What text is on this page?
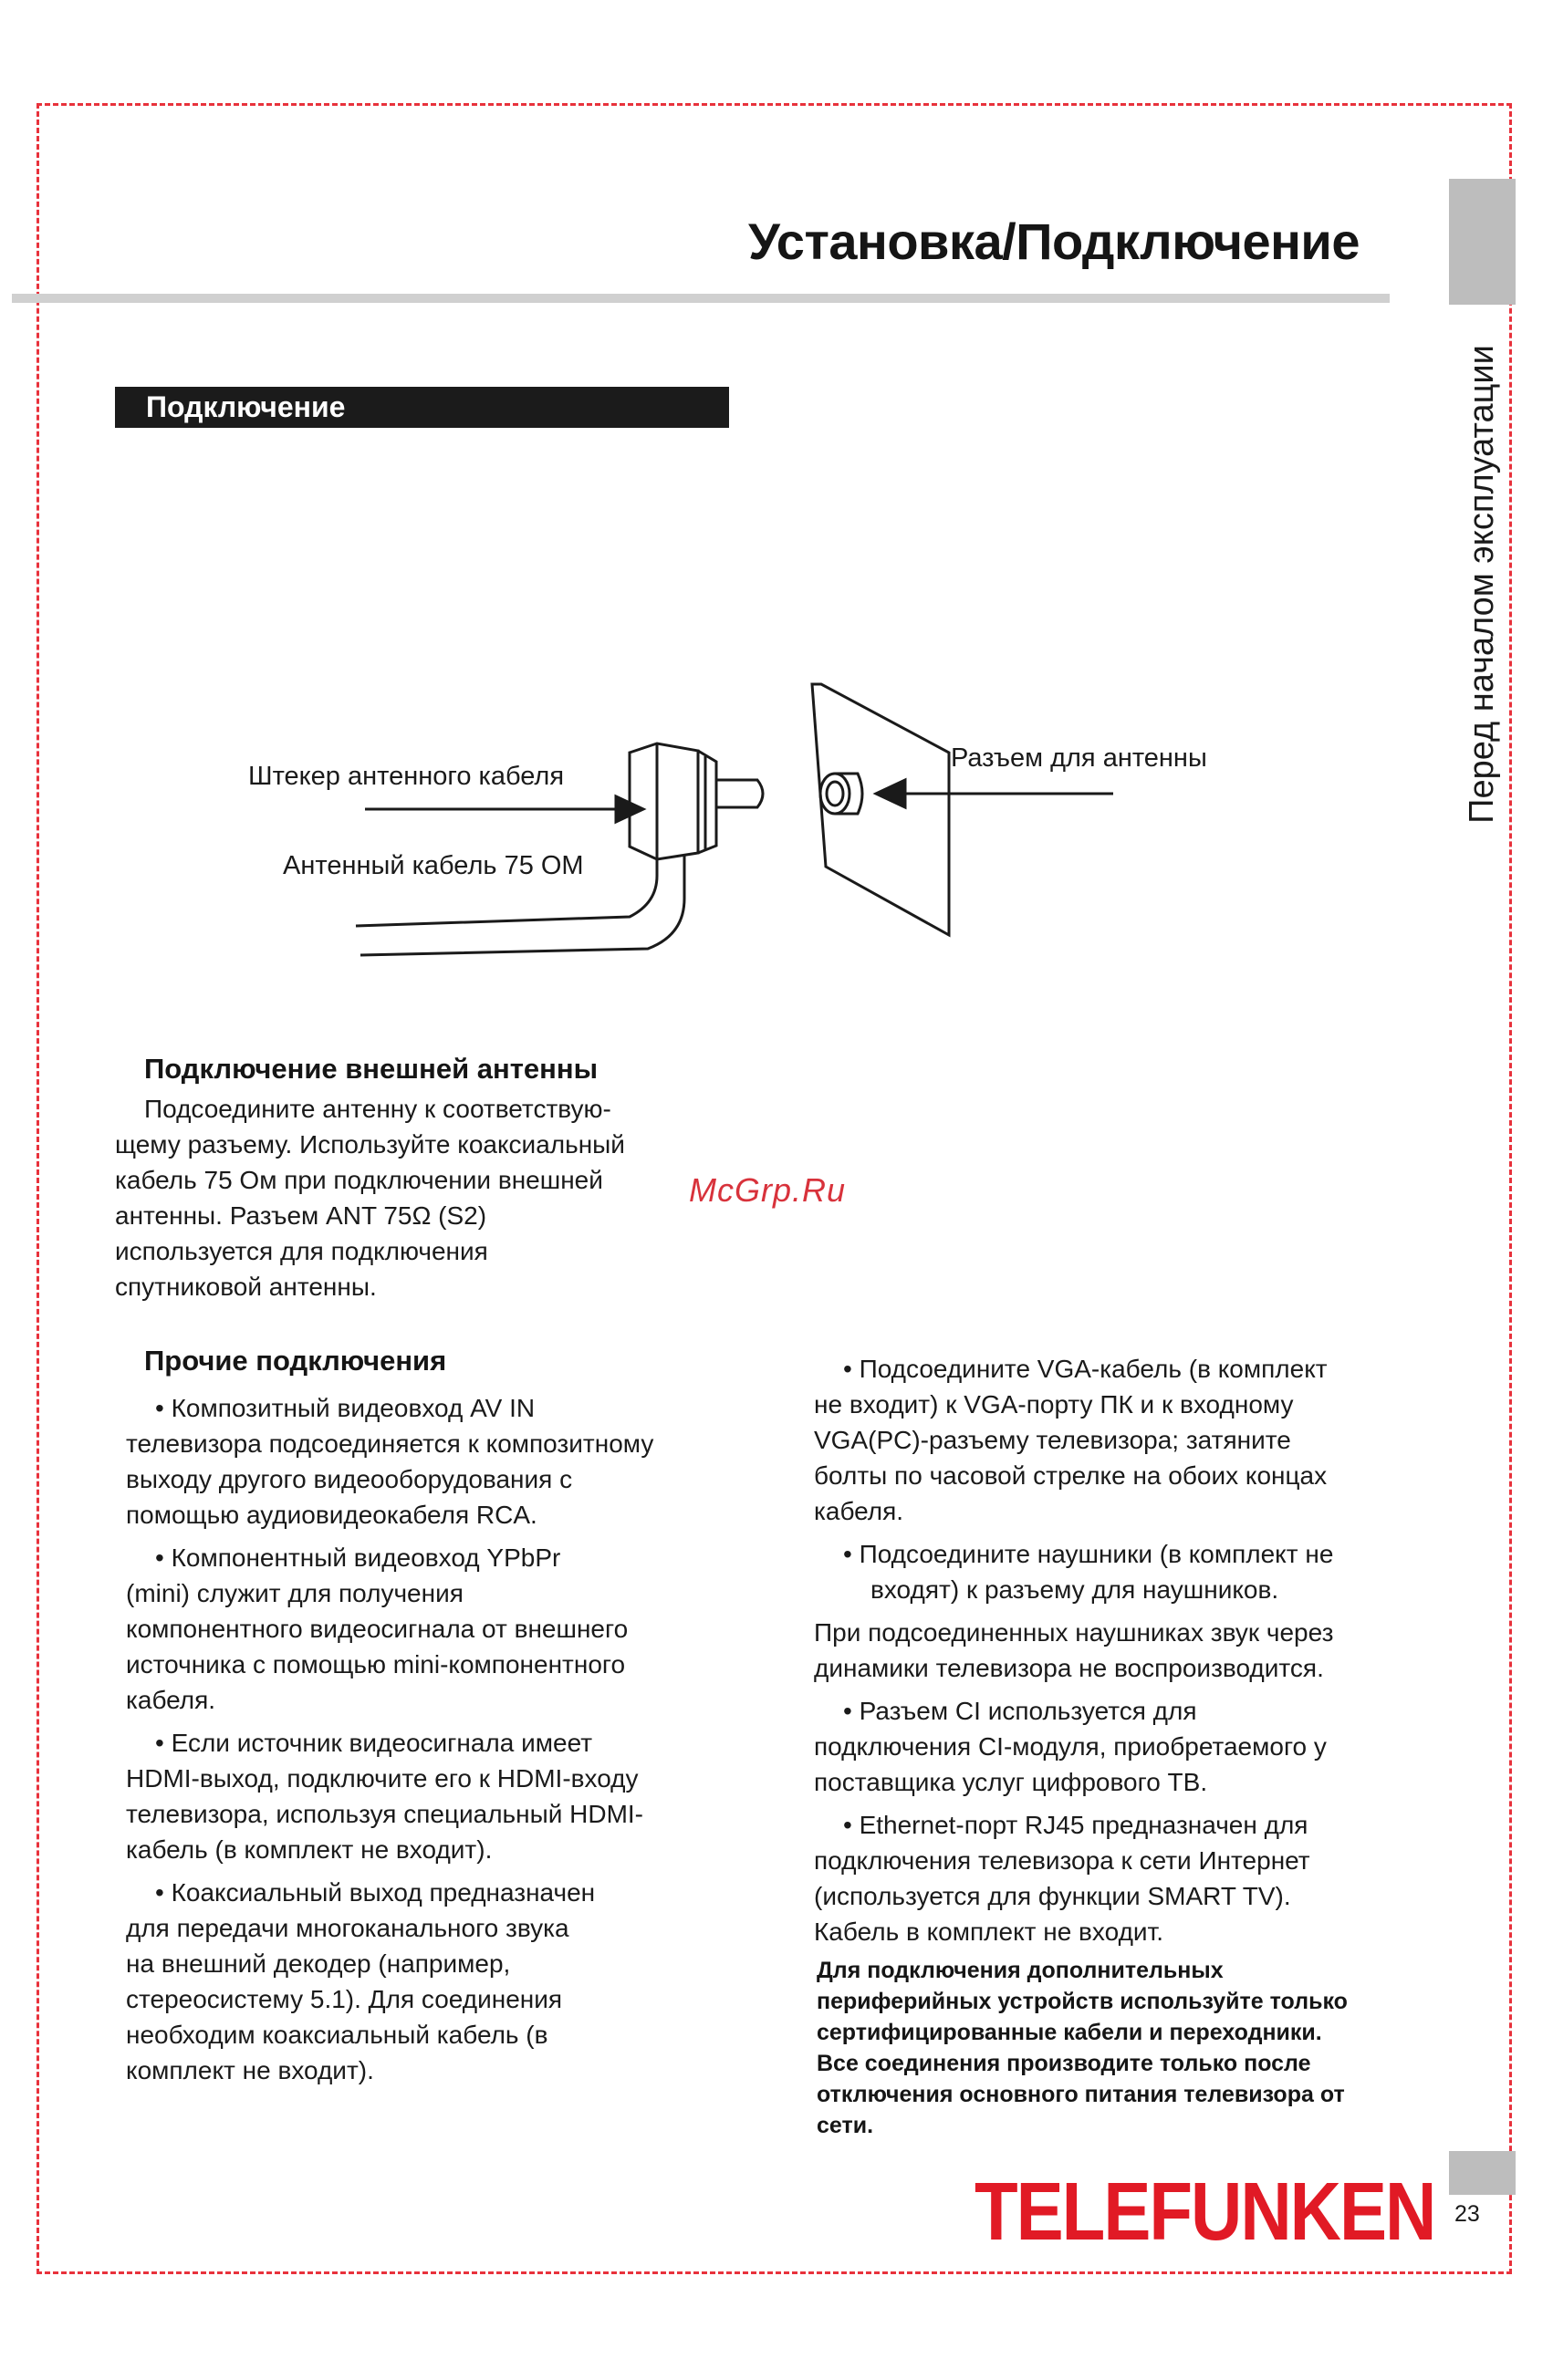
Перед началом эксплуатации
Установка/Подключение
Подключение
Штекер антенного кабеля
Антенный кабель 75 ОМ
Разъем для антенны
Подключение внешней антенны
Подсоедините антенну к соответствую-
щему разъему. Используйте коаксиальный
кабель 75 Ом при подключении внешней
антенны. Разъем ANT 75Ω (S2)
используется для подключения
спутниковой антенны.
McGrp.Ru
Прочие подключения

• Композитный видеовход AV IN
телевизора подсоединяется к композитному
выходу другого видеооборудования с
помощью аудиовидеокабеля RCA.

• Компонентный видеовход YPbPr
(mini) служит для получения
компонентного видеосигнала от внешнего
источника с помощью mini-компонентного
кабеля.

• Если источник видеосигнала имеет
HDMI-выход, подключите его к HDMI-входу
телевизора, используя специальный HDMI-
кабель (в комплект не входит).

• Коаксиальный выход предназначен
для передачи многоканального звука
на внешний декодер (например,
стереосистему 5.1). Для соединения
необходим коаксиальный кабель (в
комплект не входит).

• Подсоедините VGA-кабель (в комплект
не входит) к VGA-порту ПК и к входному
VGA(PC)-разъему телевизора; затяните
болты по часовой стрелке на обоих концах
кабеля.

• Подсоедините наушники (в комплект не
входят) к разъему для наушников.

При подсоединенных наушниках звук через
динамики телевизора не воспроизводится.

• Разъем CI используется для
подключения CI-модуля, приобретаемого у
поставщика услуг цифрового ТВ.

• Ethernet-порт RJ45 предназначен для
подключения телевизора к сети Интернет
(используется для функции SMART TV).
Кабель в комплект не входит.

Для подключения дополнительных
периферийных устройств используйте только
сертифицированные кабели и переходники.
Все соединения производите только после
отключения основного питания телевизора от
сети.
TELEFUNKEN 23
